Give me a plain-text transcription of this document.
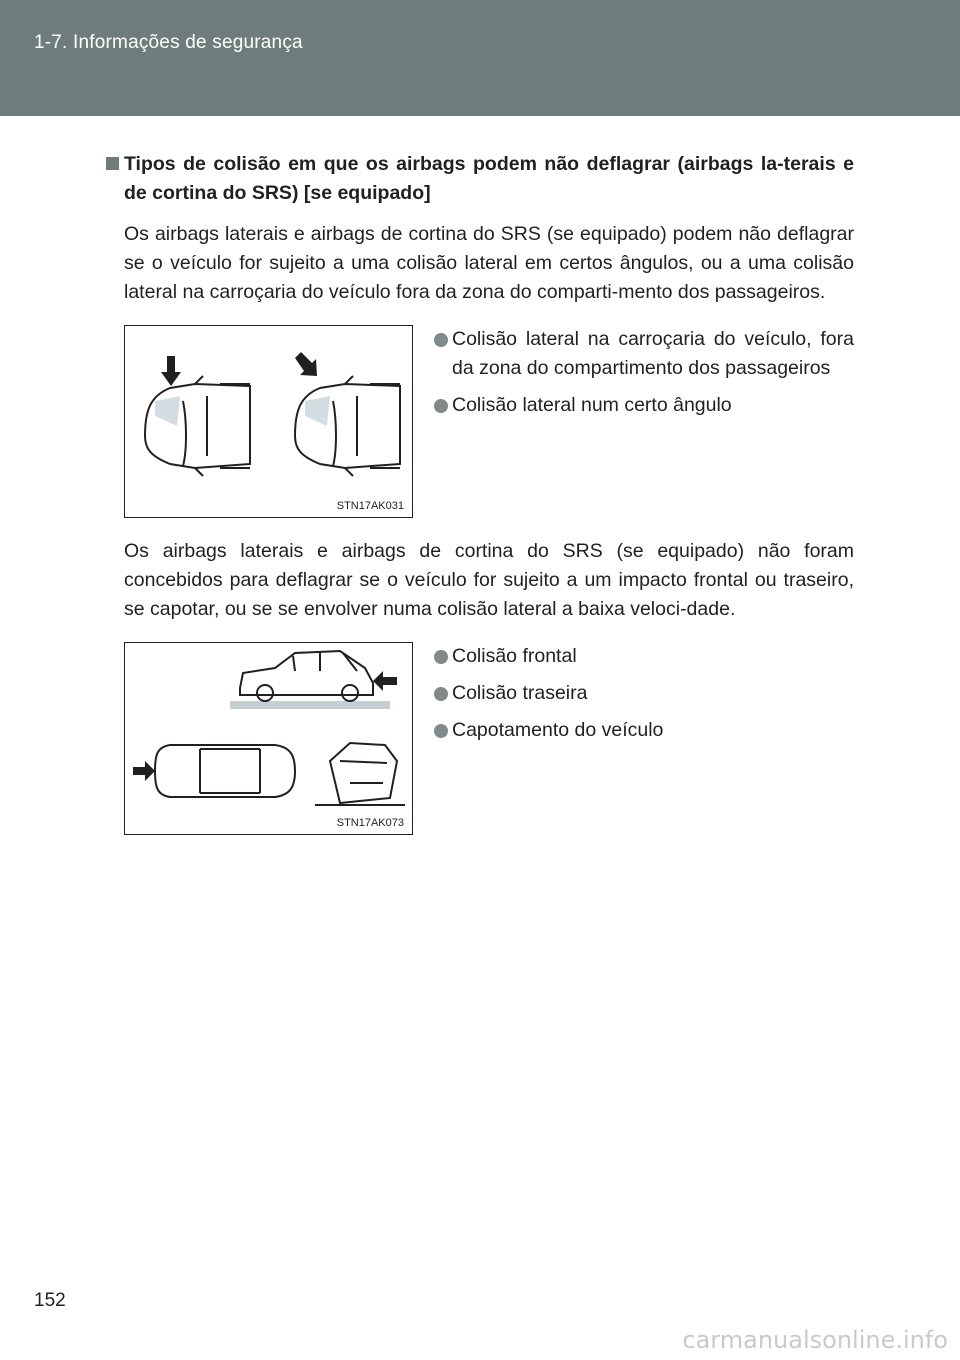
1-7. Informações de segurança
Tipos de colisão em que os airbags podem não deflagrar (airbags la-terais e de cortina do SRS) [se equipado]
Os airbags laterais e airbags de cortina do SRS (se equipado) podem não deflagrar se o veículo for sujeito a uma colisão lateral em certos ângulos, ou a uma colisão lateral na carroçaria do veículo fora da zona do comparti-mento dos passageiros.
STN17AK031
Colisão lateral na carroçaria do veículo, fora da zona do compartimento dos passageiros
Colisão lateral num certo ângulo
Os airbags laterais e airbags de cortina do SRS (se equipado) não foram concebidos para deflagrar se o veículo for sujeito a um impacto frontal ou traseiro, se capotar, ou se se envolver numa colisão lateral a baixa veloci-dade.
STN17AK073
Colisão frontal
Colisão traseira
Capotamento do veículo
152
carmanualsonline.info
